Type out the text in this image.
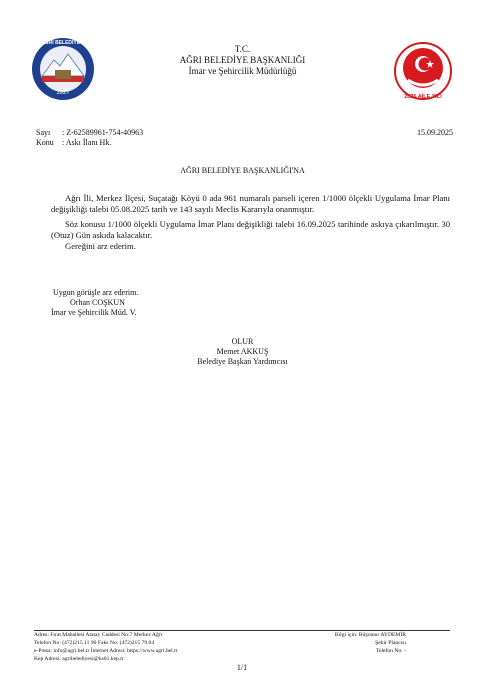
1927
AĞRI BELEDİYESİ
2025 AİLE YILI
T.C.
AĞRI BELEDİYE BAŞKANLIĞI
İmar ve Şehircilik Müdürlüğü
Sayı : Z-62589961-754-40963
Konu : Askı İlanı Hk.
15.09.2025
AĞRI BELEDİYE BAŞKANLIĞI'NA
Ağrı İli, Merkez İlçesi, Suçatağı Köyü 0 ada 961 numaralı parseli içeren 1/1000 ölçekli Uygulama İmar Planı değişikliği talebi 05.08.2025 tarih ve 143 sayılı Meclis Kararıyla onanmıştır.
Söz konusu 1/1000 ölçekli Uygulama İmar Planı değişikliği talebi 16.09.2025 tarihinde askıya çıkarılmıştır. 30 (Otuz) Gün askıda kalacaktır.
Gereğini arz ederim.
Uygun görüşle arz ederim.
Orhan COŞKUN
İmar ve Şehircilik Müd. V.
OLUR
Memet AKKUŞ
Belediye Başkan Yardımcısı
Adres: Fırat Mahallesi Atatay Caddesi No:7 Merkez Ağrı
Telefon No: (472)215 11 90 Faks No: (472)215 79 04
e-Posta: info@agri.bel.tr İnternet Adresi: https://www.agri.bel.tr
Kep Adresi: agribelediyesi@hs01.kep.tr
Bilgi için: Büşranur AYDEMİR
Şehir Plancısı
Telefon No: -
1/1
